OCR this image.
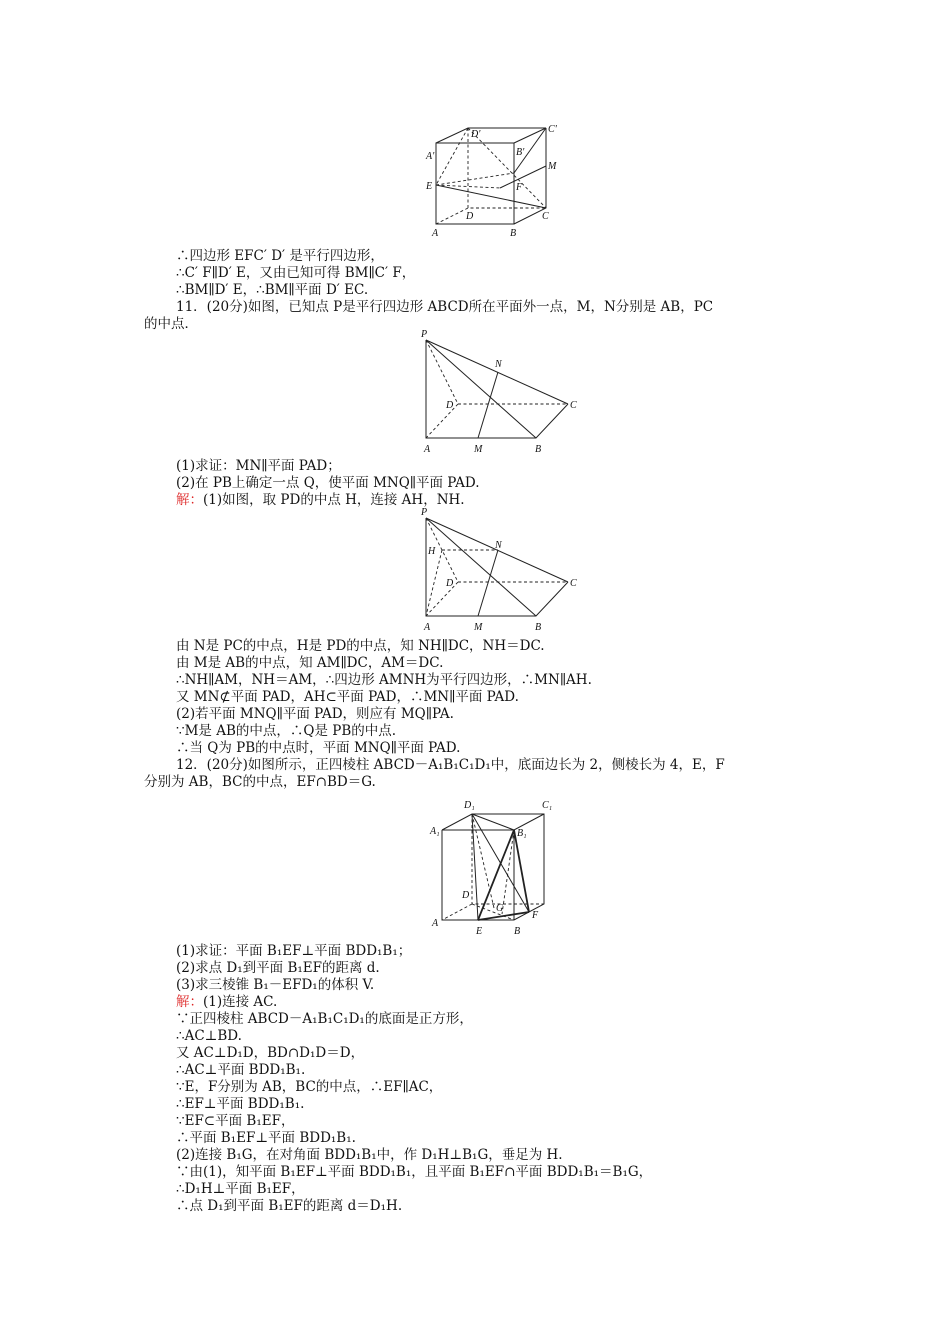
D'	C'
A'	B'
M
E	F
D	C
A	B
∴四边形 EFC′ D′ 是平行四边形，
∴C′ F∥D′ E，又由已知可得 BM∥C′ F，
∴BM∥D′ E，∴BM∥平面 D′ EC.
11．(20分)如图，已知点 P是平行四边形 ABCD所在平面外一点，M，N分别是 AB，PC
的中点．
P
N
D	C
A	M	B
(1)求证：MN∥平面 PAD；
(2)在 PB上确定一点 Q，使平面 MNQ∥平面 PAD.
解：(1)如图，取 PD的中点 H，连接 AH，NH.
P
H
N
D	C
A	M	B
由 N是 PC的中点，H是 PD的中点，知 NH∥DC，NH＝DC.
由 M是 AB的中点，知 AM∥DC，AM＝DC.
∴NH∥AM，NH＝AM，∴四边形 AMNH为平行四边形，∴MN∥AH.
又 MN⊄平面 PAD，AH⊂平面 PAD，∴MN∥平面 PAD.
(2)若平面 MNQ∥平面 PAD，则应有 MQ∥PA.
∵M是 AB的中点，∴Q是 PB的中点.
∴当 Q为 PB的中点时，平面 MNQ∥平面 PAD.
12．(20分)如图所示，正四棱柱 ABCD－A₁B₁C₁D₁中，底面边长为 2，侧棱长为 4，E，F
分别为 AB，BC的中点，EF∩BD＝G.
D₁	C₁
A₁	B₁
D
G
F
A
E	B
(1)求证：平面 B₁EF⊥平面 BDD₁B₁；
(2)求点 D₁到平面 B₁EF的距离 d.
(3)求三棱锥 B₁－EFD₁的体积 V.
解：(1)连接 AC.
∵正四棱柱 ABCD－A₁B₁C₁D₁的底面是正方形，
∴AC⊥BD.
又 AC⊥D₁D，BD∩D₁D＝D，
∴AC⊥平面 BDD₁B₁.
∵E，F分别为 AB，BC的中点，∴EF∥AC，
∴EF⊥平面 BDD₁B₁.
∵EF⊂平面 B₁EF，
∴平面 B₁EF⊥平面 BDD₁B₁.
(2)连接 B₁G，在对角面 BDD₁B₁中，作 D₁H⊥B₁G，垂足为 H.
∵由(1)，知平面 B₁EF⊥平面 BDD₁B₁，且平面 B₁EF∩平面 BDD₁B₁＝B₁G，
∴D₁H⊥平面 B₁EF，
∴点 D₁到平面 B₁EF的距离 d＝D₁H.
